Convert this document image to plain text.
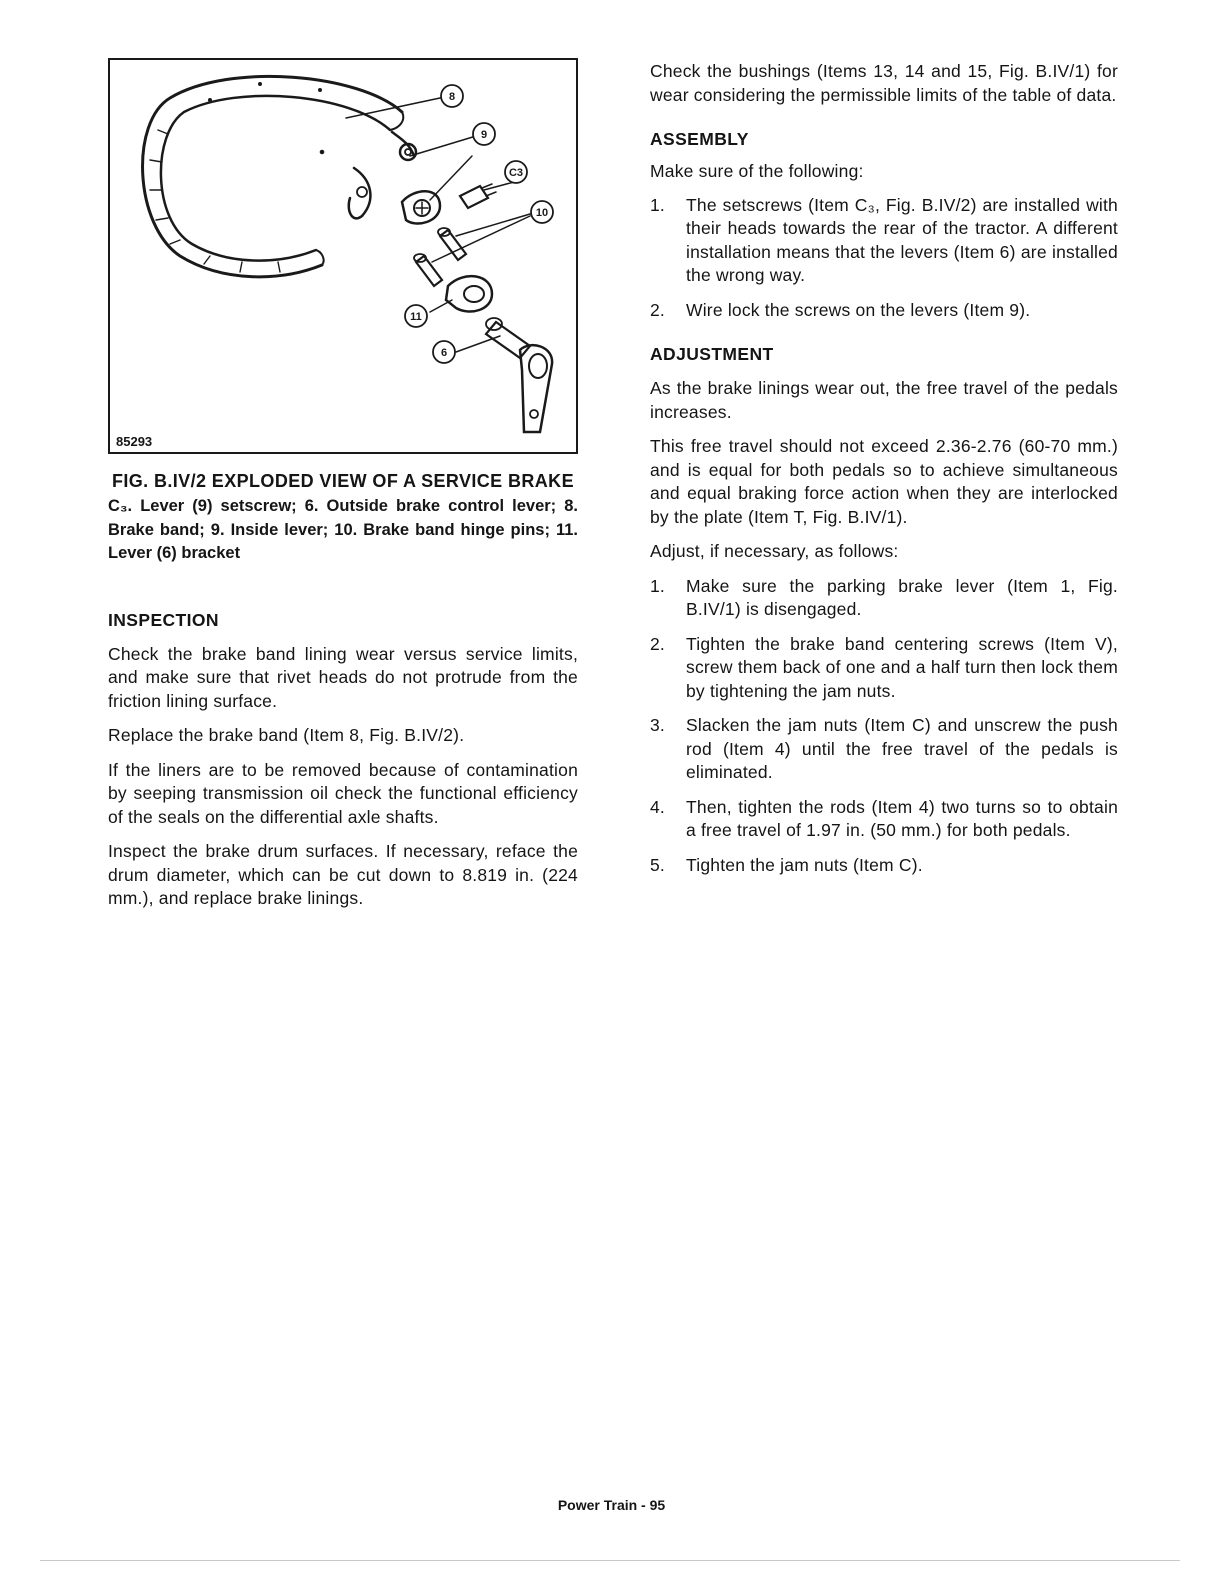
8
9
C3
10
11
6
85293
FIG. B.IV/2 EXPLODED VIEW OF A SERVICE BRAKE
C₃. Lever (9) setscrew; 6. Outside brake control lever; 8. Brake band; 9. Inside lever; 10. Brake band hinge pins; 11. Lever (6) bracket
INSPECTION

Check the brake band lining wear versus service limits, and make sure that rivet heads do not protrude from the friction lining surface.

Replace the brake band (Item 8, Fig. B.IV/2).

If the liners are to be removed because of contamination by seeping transmission oil check the functional efficiency of the seals on the differential axle shafts.

Inspect the brake drum surfaces. If necessary, reface the drum diameter, which can be cut down to 8.819 in. (224 mm.), and replace brake linings.

Check the bushings (Items 13, 14 and 15, Fig. B.IV/1) for wear considering the permissible limits of the table of data.

ASSEMBLY

Make sure of the following:

1. The setscrews (Item C₃, Fig. B.IV/2) are installed with their heads towards the rear of the tractor. A different installation means that the levers (Item 6) are installed the wrong way.
2. Wire lock the screws on the levers (Item 9).
ADJUSTMENT

As the brake linings wear out, the free travel of the pedals increases.

This free travel should not exceed 2.36-2.76 (60-70 mm.) and is equal for both pedals so to achieve simultaneous and equal braking force action when they are interlocked by the plate (Item T, Fig. B.IV/1).

Adjust, if necessary, as follows:

1. Make sure the parking brake lever (Item 1, Fig. B.IV/1) is disengaged.
2. Tighten the brake band centering screws (Item V), screw them back of one and a half turn then lock them by tightening the jam nuts.
3. Slacken the jam nuts (Item C) and unscrew the push rod (Item 4) until the free travel of the pedals is eliminated.
4. Then, tighten the rods (Item 4) two turns so to obtain a free travel of 1.97 in. (50 mm.) for both pedals.
5. Tighten the jam nuts (Item C).
Power Train - 95
